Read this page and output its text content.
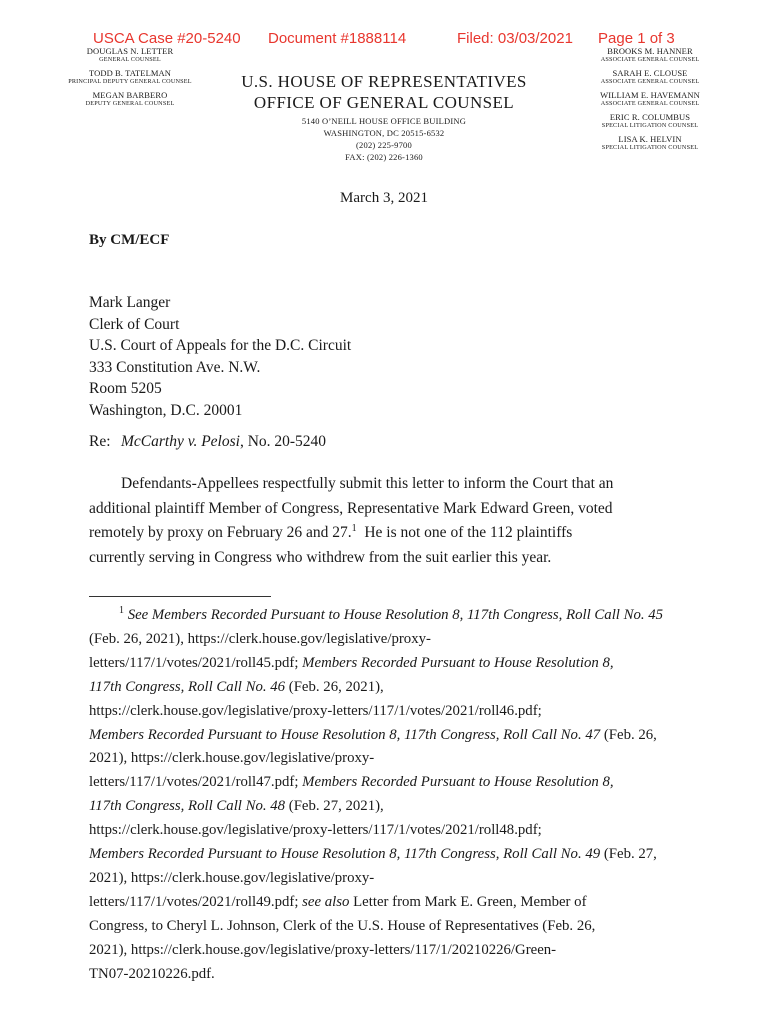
USCA Case #20-5240 Document #1888114	Filed: 03/03/2021 Page 1 of 3
DOUGLAS N. LETTER
GENERAL COUNSEL
TODD B. TATELMAN
PRINCIPAL DEPUTY GENERAL COUNSEL
MEGAN BARBERO
DEPUTY GENERAL COUNSEL
U.S. HOUSE OF REPRESENTATIVES
OFFICE OF GENERAL COUNSEL
5140 O’NEILL HOUSE OFFICE BUILDING
WASHINGTON, DC 20515-6532
(202) 225-9700
FAX: (202) 226-1360
BROOKS M. HANNER
ASSOCIATE GENERAL COUNSEL
SARAH E. CLOUSE
ASSOCIATE GENERAL COUNSEL
WILLIAM E. HAVEMANN
ASSOCIATE GENERAL COUNSEL
ERIC R. COLUMBUS
SPECIAL LITIGATION COUNSEL
LISA K. HELVIN
SPECIAL LITIGATION COUNSEL
March 3, 2021
By CM/ECF
Mark Langer
Clerk of Court
U.S. Court of Appeals for the D.C. Circuit
333 Constitution Ave. N.W.
Room 5205
Washington, D.C. 20001
Re: McCarthy v. Pelosi, No. 20-5240
Defendants-Appellees respectfully submit this letter to inform the Court that an
additional plaintiff Member of Congress, Representative Mark Edward Green, voted
remotely by proxy on February 26 and 27.$^1$  He is not one of the 112 plaintiffs
currently serving in Congress who withdrew from the suit earlier this year.
$^1$ See Members Recorded Pursuant to House Resolution 8, 117th Congress, Roll Call No. 45
(Feb. 26, 2021), https://clerk.house.gov/legislative/proxy-
letters/117/1/votes/2021/roll45.pdf; Members Recorded Pursuant to House Resolution 8,
117th Congress, Roll Call No. 46 (Feb. 26, 2021),
https://clerk.house.gov/legislative/proxy-letters/117/1/votes/2021/roll46.pdf;
Members Recorded Pursuant to House Resolution 8, 117th Congress, Roll Call No. 47 (Feb. 26,
2021), https://clerk.house.gov/legislative/proxy-
letters/117/1/votes/2021/roll47.pdf; Members Recorded Pursuant to House Resolution 8,
117th Congress, Roll Call No. 48 (Feb. 27, 2021),
https://clerk.house.gov/legislative/proxy-letters/117/1/votes/2021/roll48.pdf;
Members Recorded Pursuant to House Resolution 8, 117th Congress, Roll Call No. 49 (Feb. 27,
2021), https://clerk.house.gov/legislative/proxy-
letters/117/1/votes/2021/roll49.pdf; see also Letter from Mark E. Green, Member of
Congress, to Cheryl L. Johnson, Clerk of the U.S. House of Representatives (Feb. 26,
2021), https://clerk.house.gov/legislative/proxy-letters/117/1/20210226/Green-
TN07-20210226.pdf.
